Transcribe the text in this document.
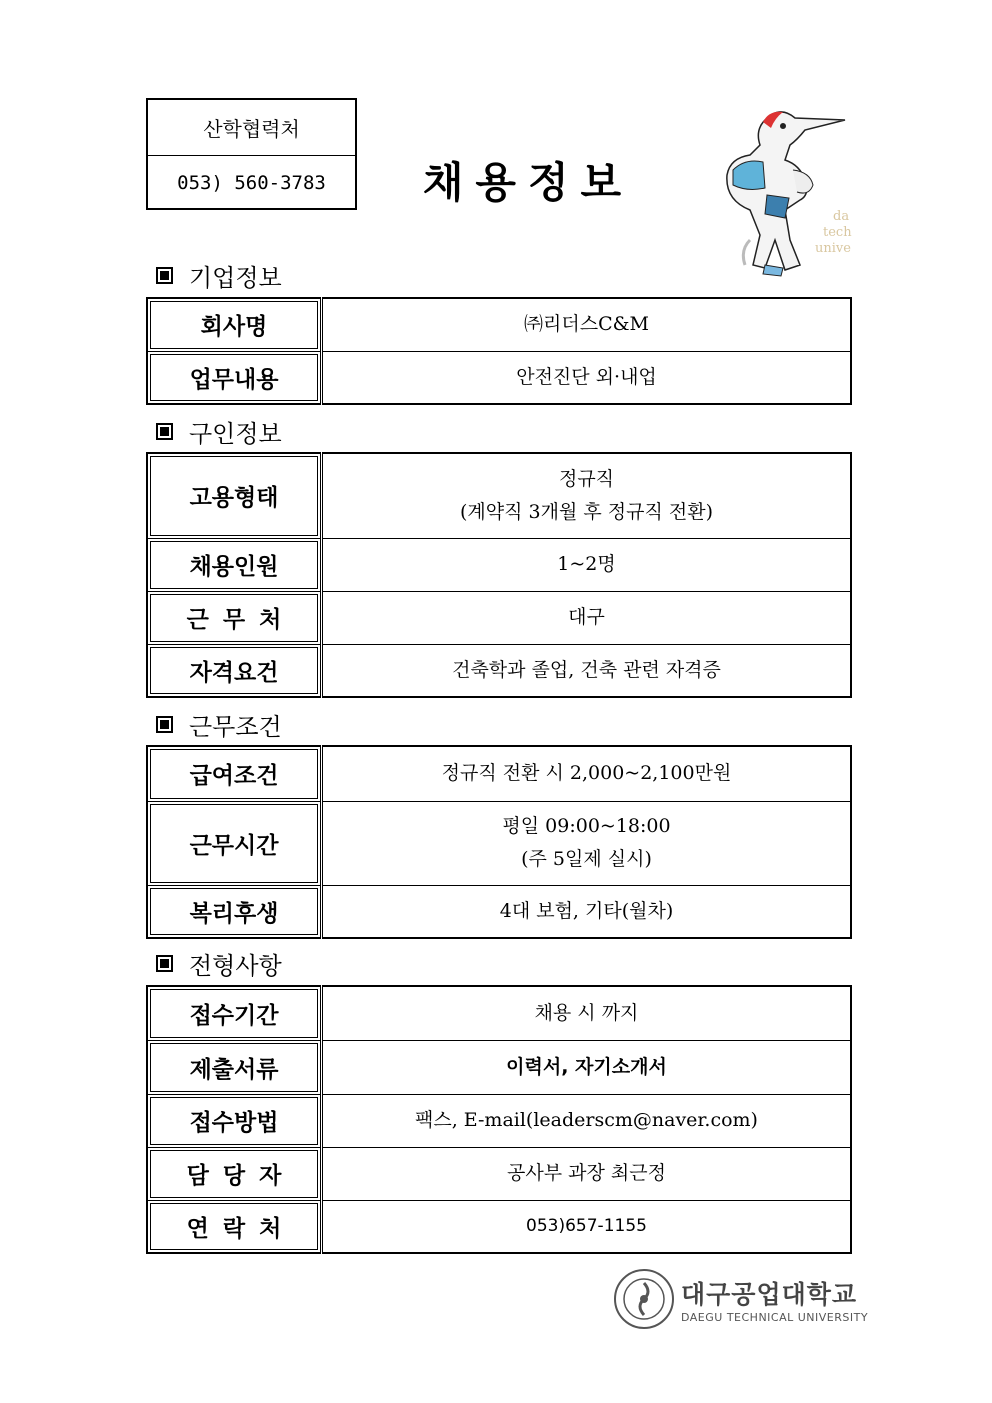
산학협력처
053) 560-3783	채용정보
da
tech
unive
기업정보
회사명	㈜리더스C&M
업무내용	안전진단 외·내업
구인정보
고용형태	정규직
(계약직 3개월 후 정규직 전환)

채용인원	1~2명
근무처	대구
자격요건	건축학과 졸업, 건축 관련 자격증
근무조건
급여조건	정규직 전환 시 2,000~2,100만원
근무시간	평일 09:00~18:00
(주 5일제 실시)

복리후생	4대 보험, 기타(월차)
전형사항
접수기간	채용 시 까지
제출서류	이력서, 자기소개서
접수방법	팩스, E-mail(leaderscm@naver.com)
담당자	공사부 과장 최근정
연락처	053)657-1155
대구공업대학교
DAEGU TECHNICAL UNIVERSITY
